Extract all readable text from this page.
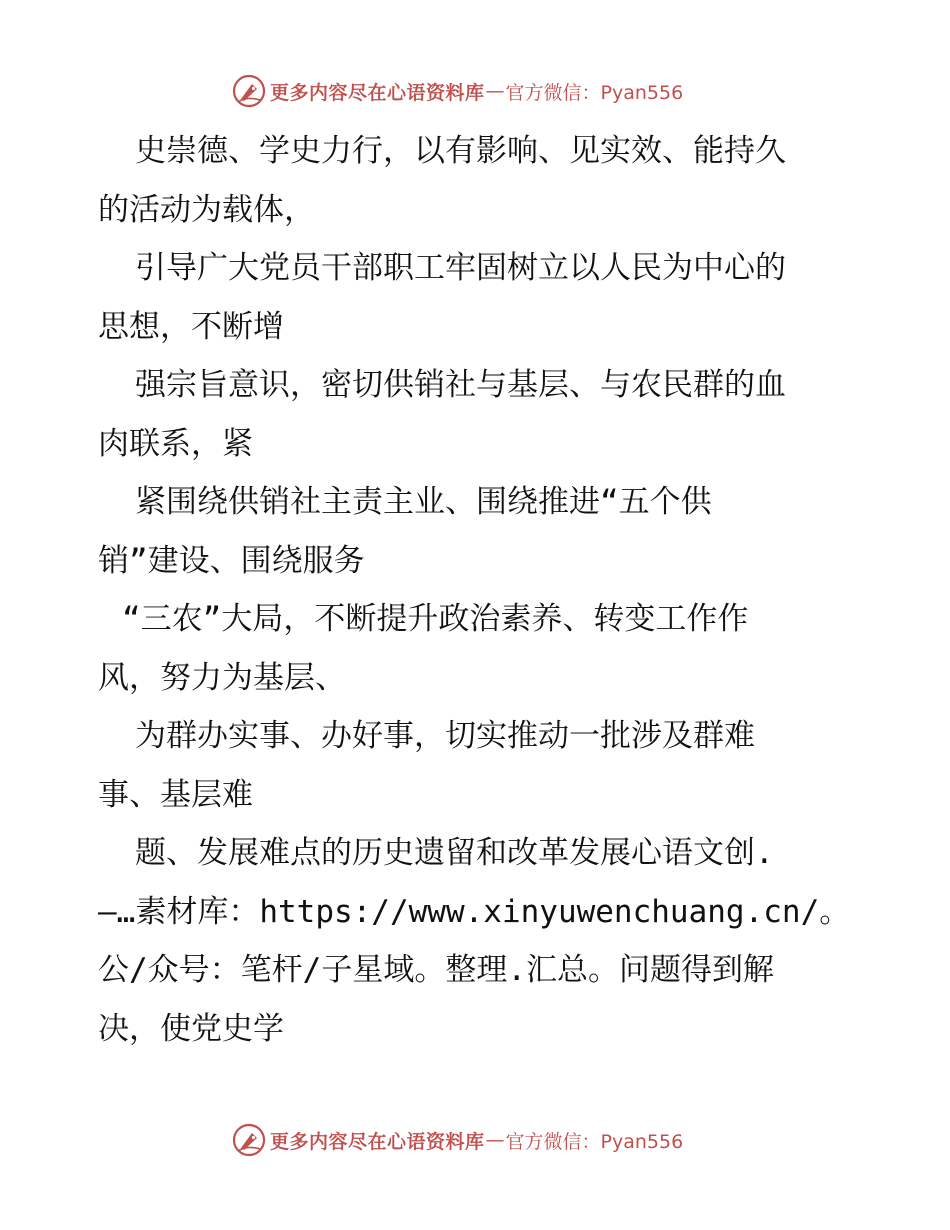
更多内容尽在心语资料库 — 官方微信：Pyan556
史崇德、学史力行，以有影响、见实效、能持久
的活动为载体，
引导广大党员干部职工牢固树立以人民为中心的
思想，不断增
强宗旨意识，密切供销社与基层、与农民群的血
肉联系，紧
紧围绕供销社主责主业、围绕推进“五个供
销”建设、围绕服务
“三农”大局，不断提升政治素养、转变工作作
风，努力为基层、
为群办实事、办好事，切实推动一批涉及群难
事、基层难
题、发展难点的历史遗留和改革发展心语文创.
—…素材库：https://www.xinyuwenchuang.cn/。
公/众号：笔杆/子星域。整理.汇总。问题得到解
决，使党史学
更多内容尽在心语资料库 — 官方微信：Pyan556
